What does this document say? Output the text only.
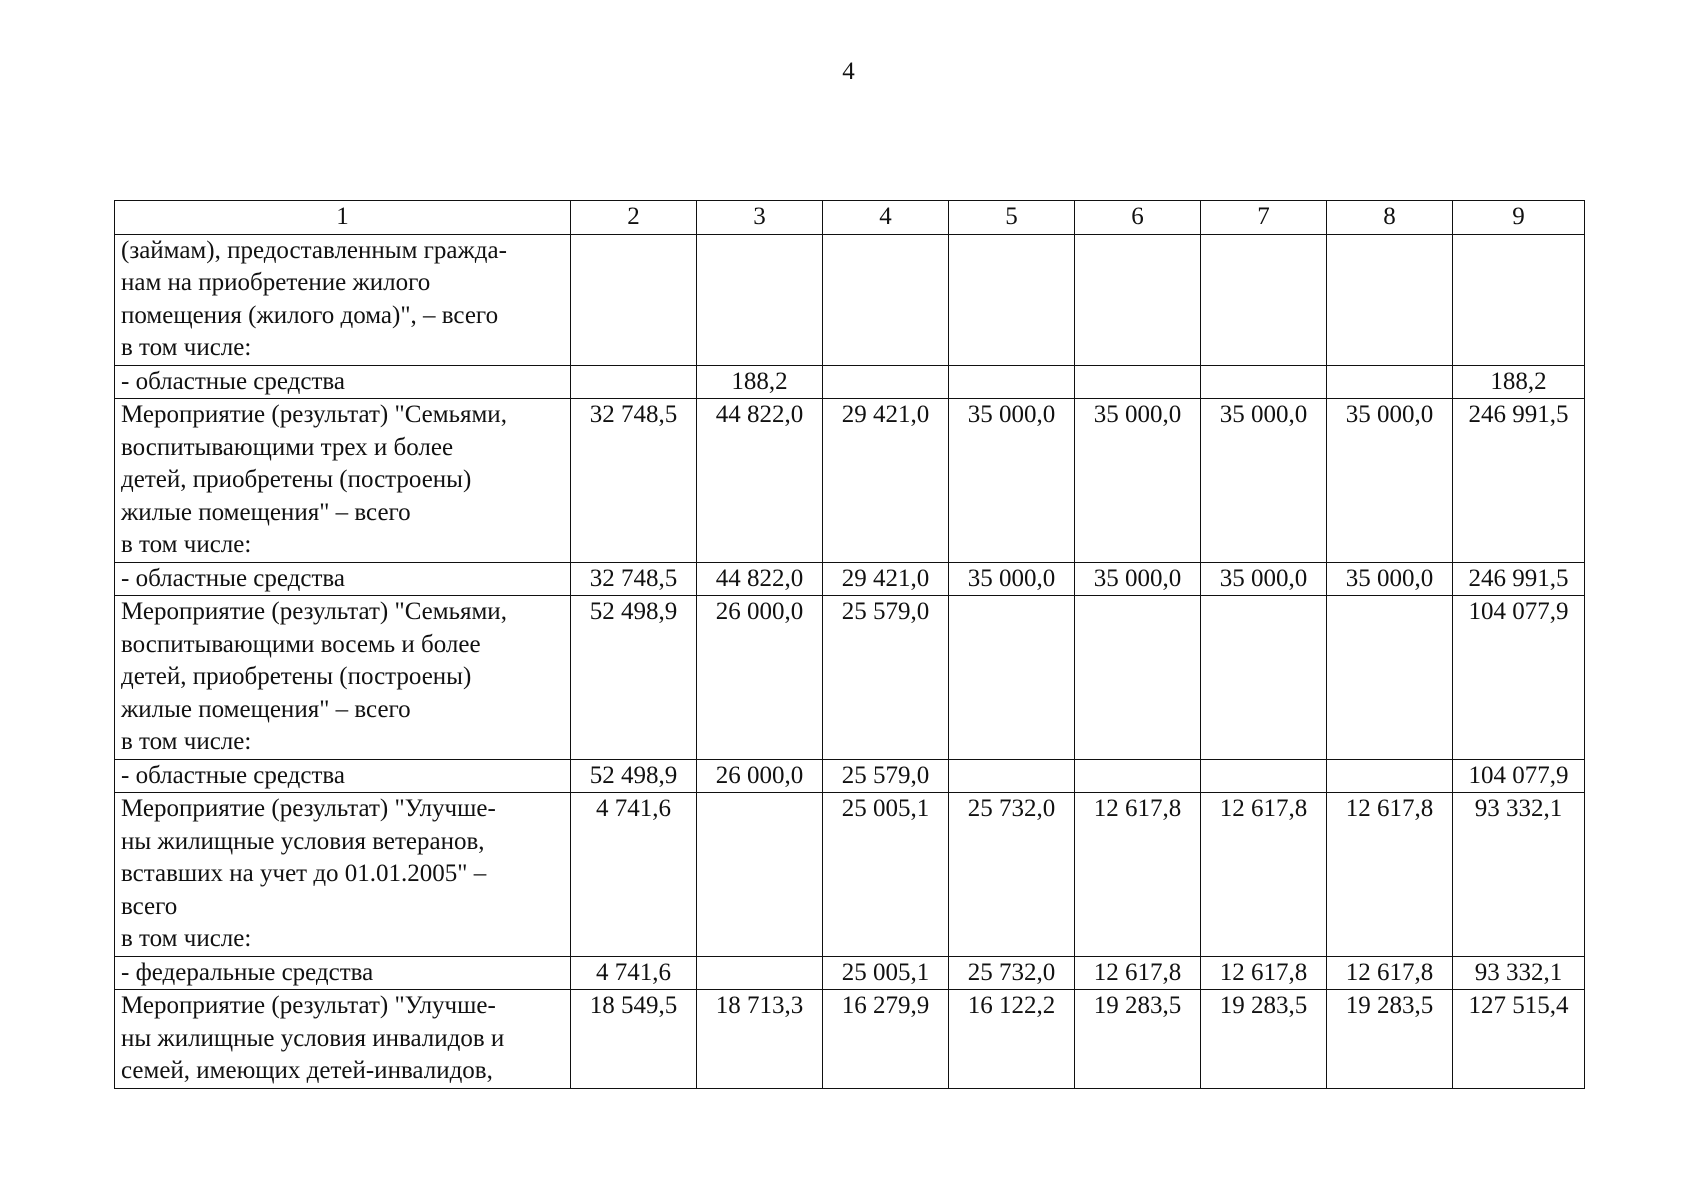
4
1	2	3	4	5	6	7	8	9
(займам), предоставленным гражда-
нам на приобретение жилого
помещения (жилого дома)", – всего
в том числе:								
- областные средства		188,2						188,2
Мероприятие (результат) "Семьями,
воспитывающими трех и более
детей, приобретены (построены)
жилые помещения" – всего
в том числе:	32 748,5	44 822,0	29 421,0	35 000,0	35 000,0	35 000,0	35 000,0	246 991,5
- областные средства	32 748,5	44 822,0	29 421,0	35 000,0	35 000,0	35 000,0	35 000,0	246 991,5
Мероприятие (результат) "Семьями,
воспитывающими восемь и более
детей, приобретены (построены)
жилые помещения" – всего
в том числе:	52 498,9	26 000,0	25 579,0					104 077,9
- областные средства	52 498,9	26 000,0	25 579,0					104 077,9
Мероприятие (результат) "Улучше-
ны жилищные условия ветеранов,
вставших на учет до 01.01.2005" –
всего
в том числе:	4 741,6		25 005,1	25 732,0	12 617,8	12 617,8	12 617,8	93 332,1
- федеральные средства	4 741,6		25 005,1	25 732,0	12 617,8	12 617,8	12 617,8	93 332,1
Мероприятие (результат) "Улучше-
ны жилищные условия инвалидов и
семей, имеющих детей-инвалидов,	18 549,5	18 713,3	16 279,9	16 122,2	19 283,5	19 283,5	19 283,5	127 515,4
